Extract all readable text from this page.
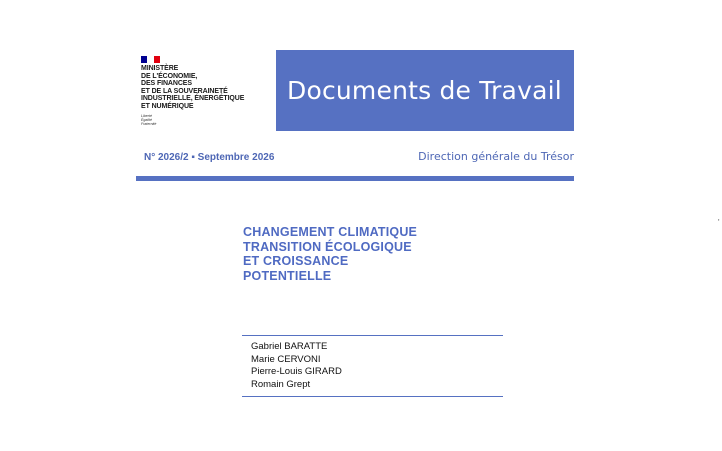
MINISTÈRE
DE L'ÉCONOMIE,
DES FINANCES
ET DE LA SOUVERAINETÉ
INDUSTRIELLE, ÉNERGÉTIQUE
ET NUMÉRIQUE

Liberté
Égalité
Fraternité
Documents de Travail
N° 2026/2 ▪ Septembre 2026	Direction générale du Trésor
CHANGEMENT CLIMATIQUE
TRANSITION ÉCOLOGIQUE
ET CROISSANCE
POTENTIELLE
Gabriel BARATTE
Marie CERVONI
Pierre-Louis GIRARD
Romain Grept
'
